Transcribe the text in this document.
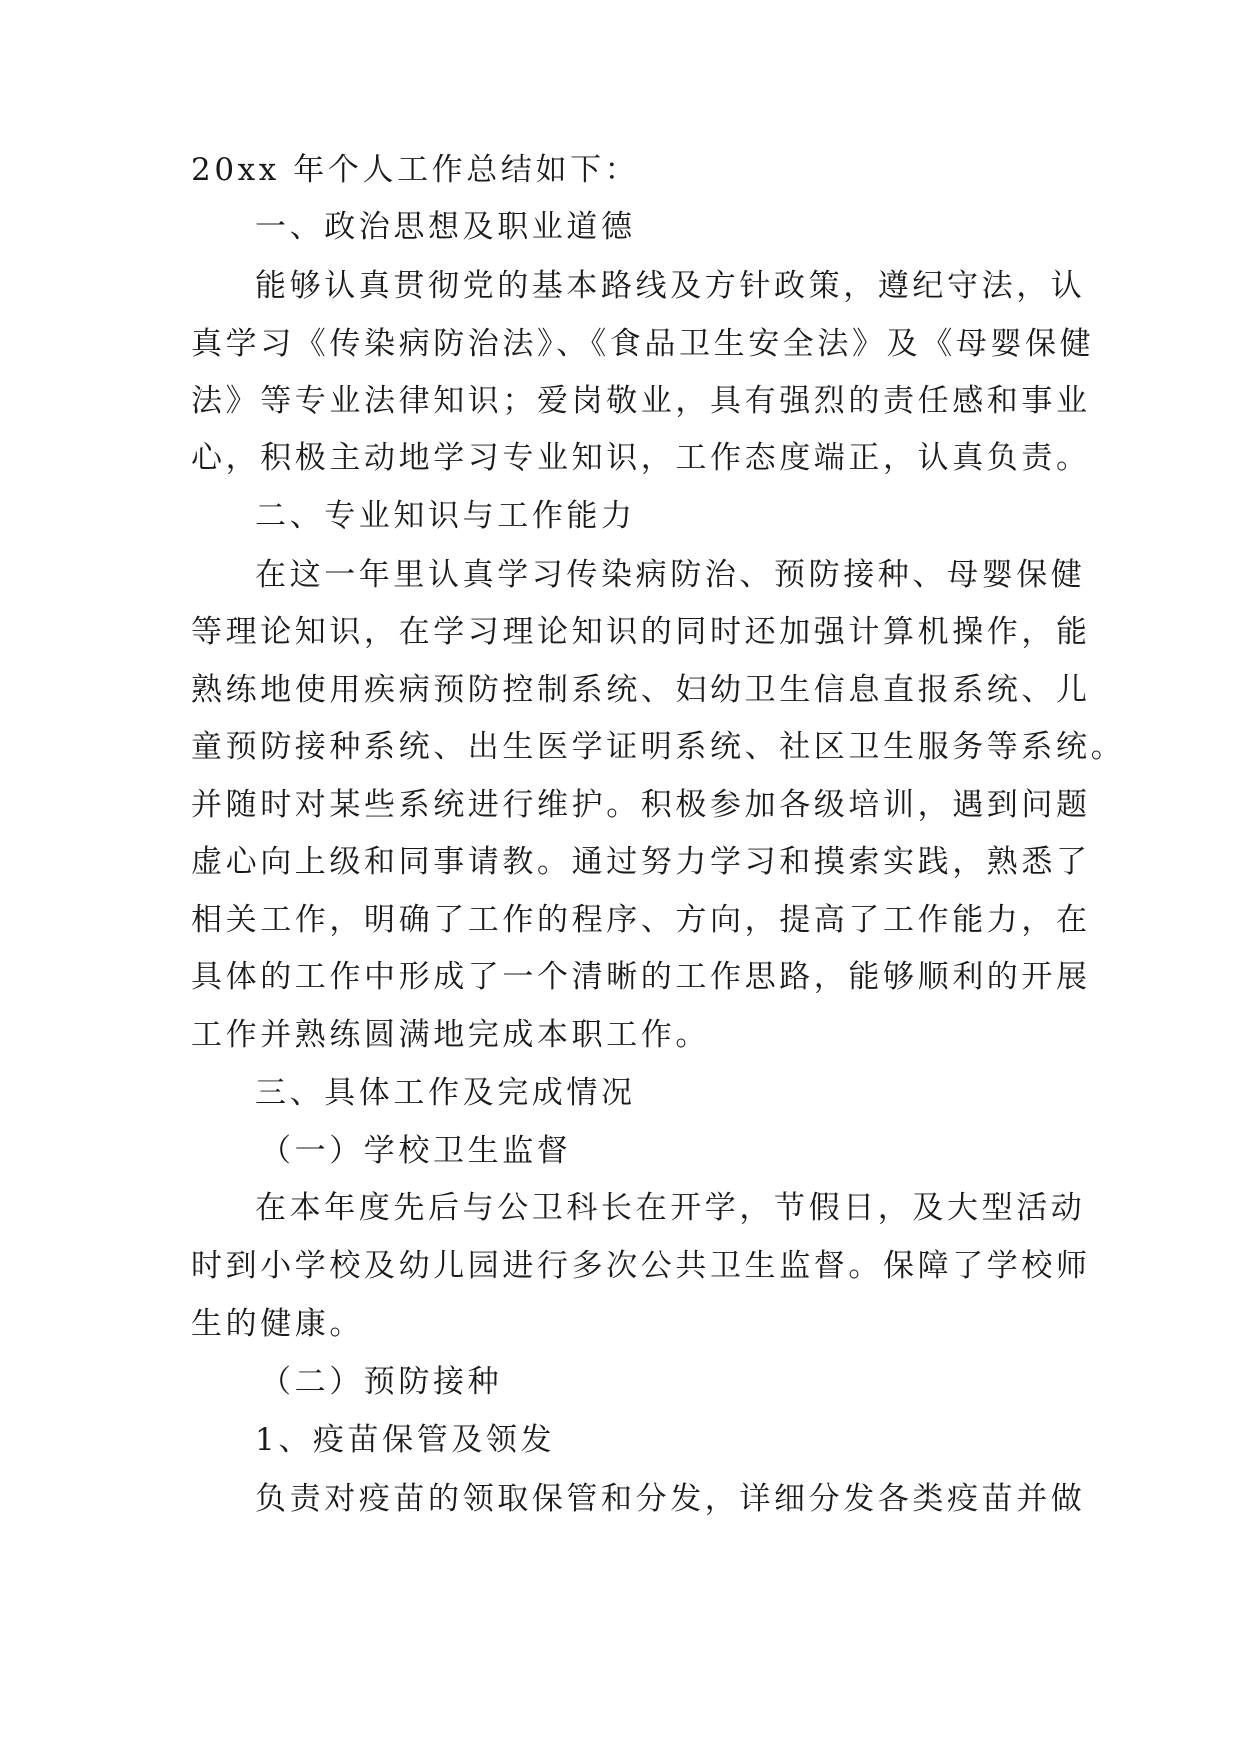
20xx 年个人工作总结如下：

一、政治思想及职业道德

能够认真贯彻党的基本路线及方针政策，遵纪守法，认

真学习《传染病防治法》、《食品卫生安全法》及《母婴保健

法》等专业法律知识；爱岗敬业，具有强烈的责任感和事业

心，积极主动地学习专业知识，工作态度端正，认真负责。

二、专业知识与工作能力

在这一年里认真学习传染病防治、预防接种、母婴保健

等理论知识，在学习理论知识的同时还加强计算机操作，能

熟练地使用疾病预防控制系统、妇幼卫生信息直报系统、儿

童预防接种系统、出生医学证明系统、社区卫生服务等系统。

并随时对某些系统进行维护。积极参加各级培训，遇到问题

虚心向上级和同事请教。通过努力学习和摸索实践，熟悉了

相关工作，明确了工作的程序、方向，提高了工作能力，在

具体的工作中形成了一个清晰的工作思路，能够顺利的开展

工作并熟练圆满地完成本职工作。

三、具体工作及完成情况

（一）学校卫生监督

在本年度先后与公卫科长在开学，节假日，及大型活动

时到小学校及幼儿园进行多次公共卫生监督。保障了学校师

生的健康。

（二）预防接种

1、疫苗保管及领发

负责对疫苗的领取保管和分发，详细分发各类疫苗并做
